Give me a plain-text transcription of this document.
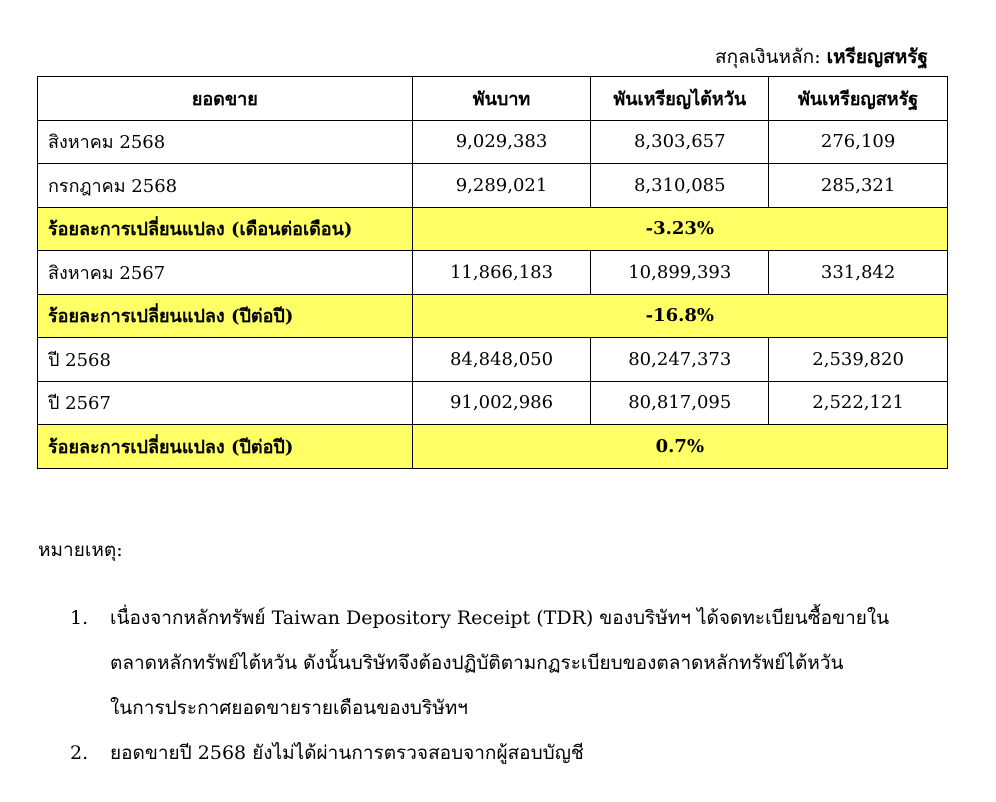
สกุลเงินหลัก: เหรียญสหรัฐ
ยอดขาย	พันบาท	พันเหรียญไต้หวัน	พันเหรียญสหรัฐ
สิงหาคม 2568	9,029,383	8,303,657	276,109
กรกฎาคม 2568	9,289,021	8,310,085	285,321
ร้อยละการเปลี่ยนแปลง (เดือนต่อเดือน)	-3.23%		
สิงหาคม 2567	11,866,183	10,899,393	331,842
ร้อยละการเปลี่ยนแปลง (ปีต่อปี)	-16.8%		
ปี 2568	84,848,050	80,247,373	2,539,820
ปี 2567	91,002,986	80,817,095	2,522,121
ร้อยละการเปลี่ยนแปลง (ปีต่อปี)	0.7%		
หมายเหตุ:
1.	เนื่องจากหลักทรัพย์ Taiwan Depository Receipt (TDR) ของบริษัทฯ ได้จดทะเบียนซื้อขายใน
ตลาดหลักทรัพย์ไต้หวัน ดังนั้นบริษัทจึงต้องปฏิบัติตามกฏระเบียบของตลาดหลักทรัพย์ไต้หวัน
ในการประกาศยอดขายรายเดือนของบริษัทฯ
2.	ยอดขายปี 2568 ยังไม่ได้ผ่านการตรวจสอบจากผู้สอบบัญชี
